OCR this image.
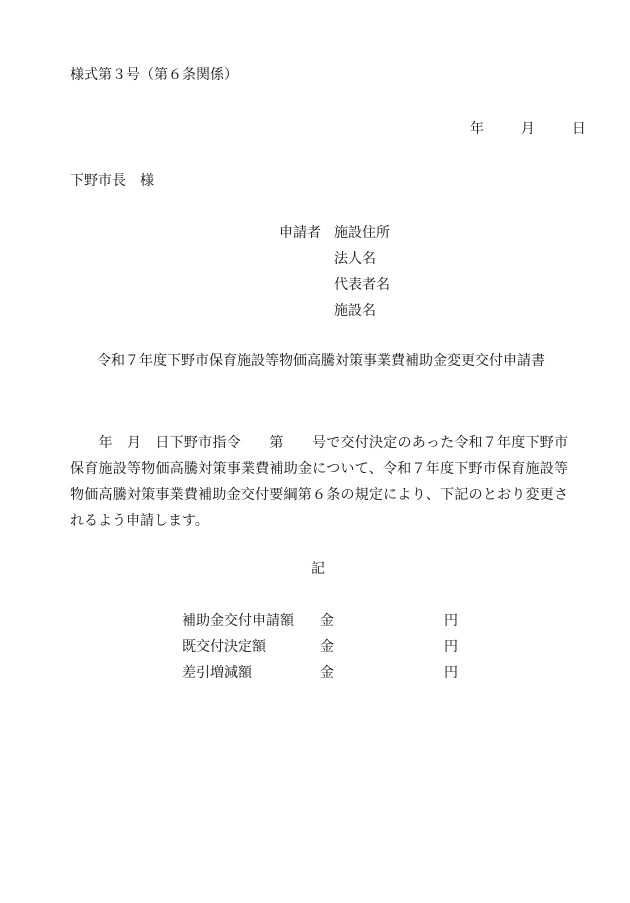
様式第３号（第６条関係）
年	月	日
下野市長　様
申請者 施設住所
法人名
代表者名
施設名
令和７年度下野市保育施設等物価高騰対策事業費補助金変更交付申請書
　　年　月　日下野市指令　　第　　号で交付決定のあった令和７年度下野市保育施設等物価高騰対策事業費補助金について、令和７年度下野市保育施設等物価高騰対策事業費補助金交付要綱第６条の規定により、下記のとおり変更されるよう申請します。
記
補助金交付申請額 金	円
既交付決定額	金	円
差引増減額	金	円
